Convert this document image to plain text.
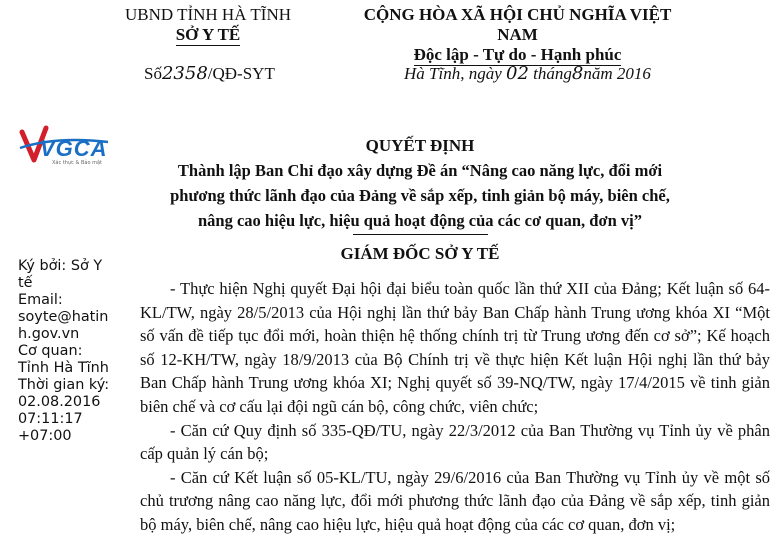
UBND TỈNH HÀ TĨNH
SỞ Y TẾ
CỘNG HÒA XÃ HỘI CHỦ NGHĨA VIỆT NAM
Độc lập - Tự do - Hạnh phúc
Số2358/QĐ-SYT	Hà Tĩnh, ngày 02 tháng8năm 2016
VGCA
Xác thực & Bảo mật
QUYẾT ĐỊNH
Thành lập Ban Chỉ đạo xây dựng Đề án “Nâng cao năng lực, đổi mới
phương thức lãnh đạo của Đảng về sắp xếp, tinh giản bộ máy, biên chế,
nâng cao hiệu lực, hiệu quả hoạt động của các cơ quan, đơn vị”
GIÁM ĐỐC SỞ Y TẾ
Ký bởi: Sở Y
tế
Email:
soyte@hatin
h.gov.vn
Cơ quan:
Tỉnh Hà Tĩnh
Thời gian ký:
02.08.2016
07:11:17
+07:00

- Thực hiện Nghị quyết Đại hội đại biểu toàn quốc lần thứ XII của Đảng; Kết luận số 64-KL/TW, ngày 28/5/2013 của Hội nghị lần thứ bảy Ban Chấp hành Trung ương khóa XI “Một số vấn đề tiếp tục đổi mới, hoàn thiện hệ thống chính trị từ Trung ương đến cơ sở”; Kế hoạch số 12-KH/TW, ngày 18/9/2013 của Bộ Chính trị về thực hiện Kết luận Hội nghị lần thứ bảy Ban Chấp hành Trung ương khóa XI; Nghị quyết số 39-NQ/TW, ngày 17/4/2015 về tinh giản biên chế và cơ cấu lại đội ngũ cán bộ, công chức, viên chức;

- Căn cứ Quy định số 335-QĐ/TU, ngày 22/3/2012 của Ban Thường vụ Tỉnh ủy về phân cấp quản lý cán bộ;

- Căn cứ Kết luận số 05-KL/TU, ngày 29/6/2016 của Ban Thường vụ Tỉnh ủy về một số chủ trương nâng cao năng lực, đổi mới phương thức lãnh đạo của Đảng về sắp xếp, tinh giản bộ máy, biên chế, nâng cao hiệu lực, hiệu quả hoạt động của các cơ quan, đơn vị;
